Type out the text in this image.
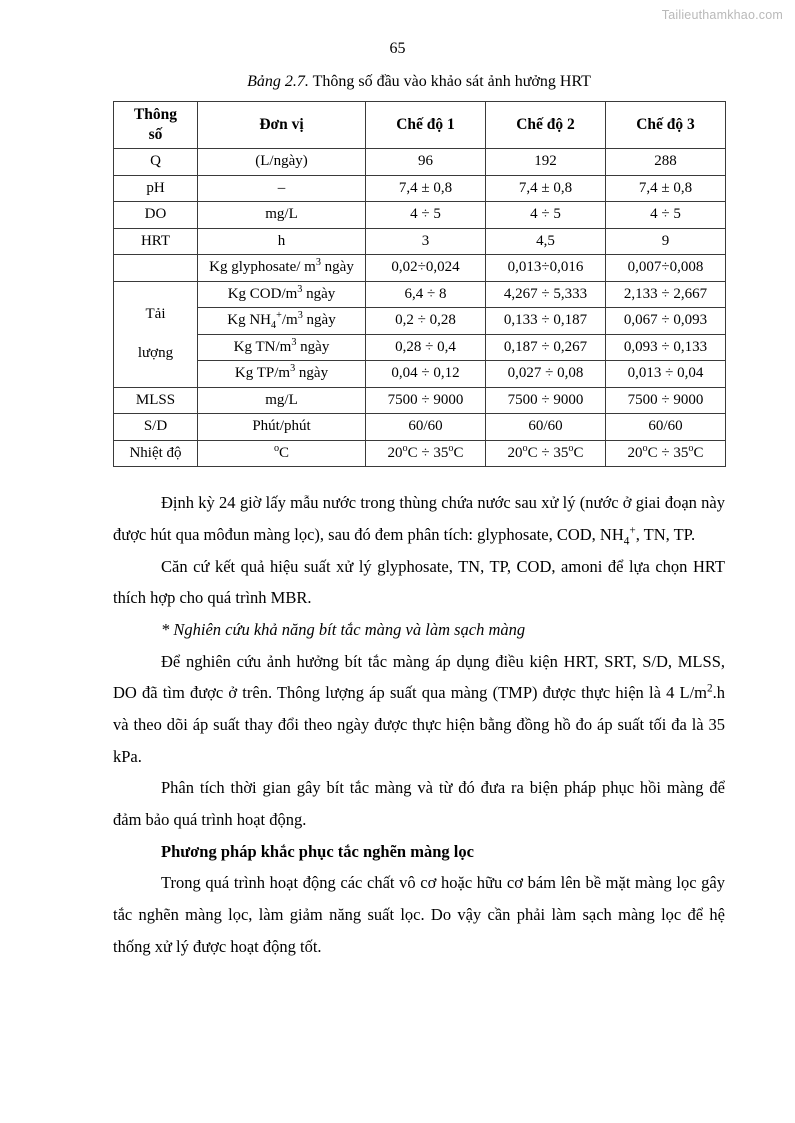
Tailieuthamkhao.com
65
Bảng 2.7. Thông số đầu vào khảo sát ảnh hưởng HRT
Thông
số	Đơn vị	Chế độ 1	Chế độ 2	Chế độ 3
Q	(L/ngày)	96	192	288
pH	–	7,4 ± 0,8	7,4 ± 0,8	7,4 ± 0,8
DO	mg/L	4 ÷ 5	4 ÷ 5	4 ÷ 5
HRT	h	3	4,5	9
	Kg glyphosate/ $m^3$ ngày	0,02÷0,024	0,013÷0,016	0,007÷0,008
Tải

lượng	Kg COD/$m^3$ ngày	6,4 ÷ 8	4,267 ÷ 5,333	2,133 ÷ 2,667
	Kg $NH_4^+/m^3$ ngày	0,2 ÷ 0,28	0,133 ÷ 0,187	0,067 ÷ 0,093
	Kg $TN/m^3$ ngày	0,28 ÷ 0,4	0,187 ÷ 0,267	0,093 ÷ 0,133
	Kg $TP/m^3$ ngày	0,04 ÷ 0,12	0,027 ÷ 0,08	0,013 ÷ 0,04
MLSS	mg/L	7500 ÷ 9000	7500 ÷ 9000	7500 ÷ 9000
S/D	Phút/phút	60/60	60/60	60/60
Nhiệt độ	$^o$C	$20^oC \div 35^oC$	$20^oC \div 35^oC$	$20^oC \div 35^oC$

Định kỳ 24 giờ lấy mẫu nước trong thùng chứa nước sau xử lý (nước ở giai đoạn này được hút qua môđun màng lọc), sau đó đem phân tích: glyphosate, COD, $NH_4^+$, TN, TP.

Căn cứ kết quả hiệu suất xử lý glyphosate, TN, TP, COD, amoni để lựa chọn HRT thích hợp cho quá trình MBR.

* Nghiên cứu khả năng bít tắc màng và làm sạch màng

Để nghiên cứu ảnh hưởng bít tắc màng áp dụng điều kiện HRT, SRT, S/D, MLSS, DO đã tìm được ở trên. Thông lượng áp suất qua màng (TMP) được thực hiện là 4 $L/m^2.h$ và theo dõi áp suất thay đổi theo ngày được thực hiện bằng đồng hồ đo áp suất tối đa là 35 kPa.

Phân tích thời gian gây bít tắc màng và từ đó đưa ra biện pháp phục hồi màng để đảm bảo quá trình hoạt động.

Phương pháp khắc phục tắc nghẽn màng lọc

Trong quá trình hoạt động các chất vô cơ hoặc hữu cơ bám lên bề mặt màng lọc gây tắc nghẽn màng lọc, làm giảm năng suất lọc. Do vậy cần phải làm sạch màng lọc để hệ thống xử lý được hoạt động tốt.
